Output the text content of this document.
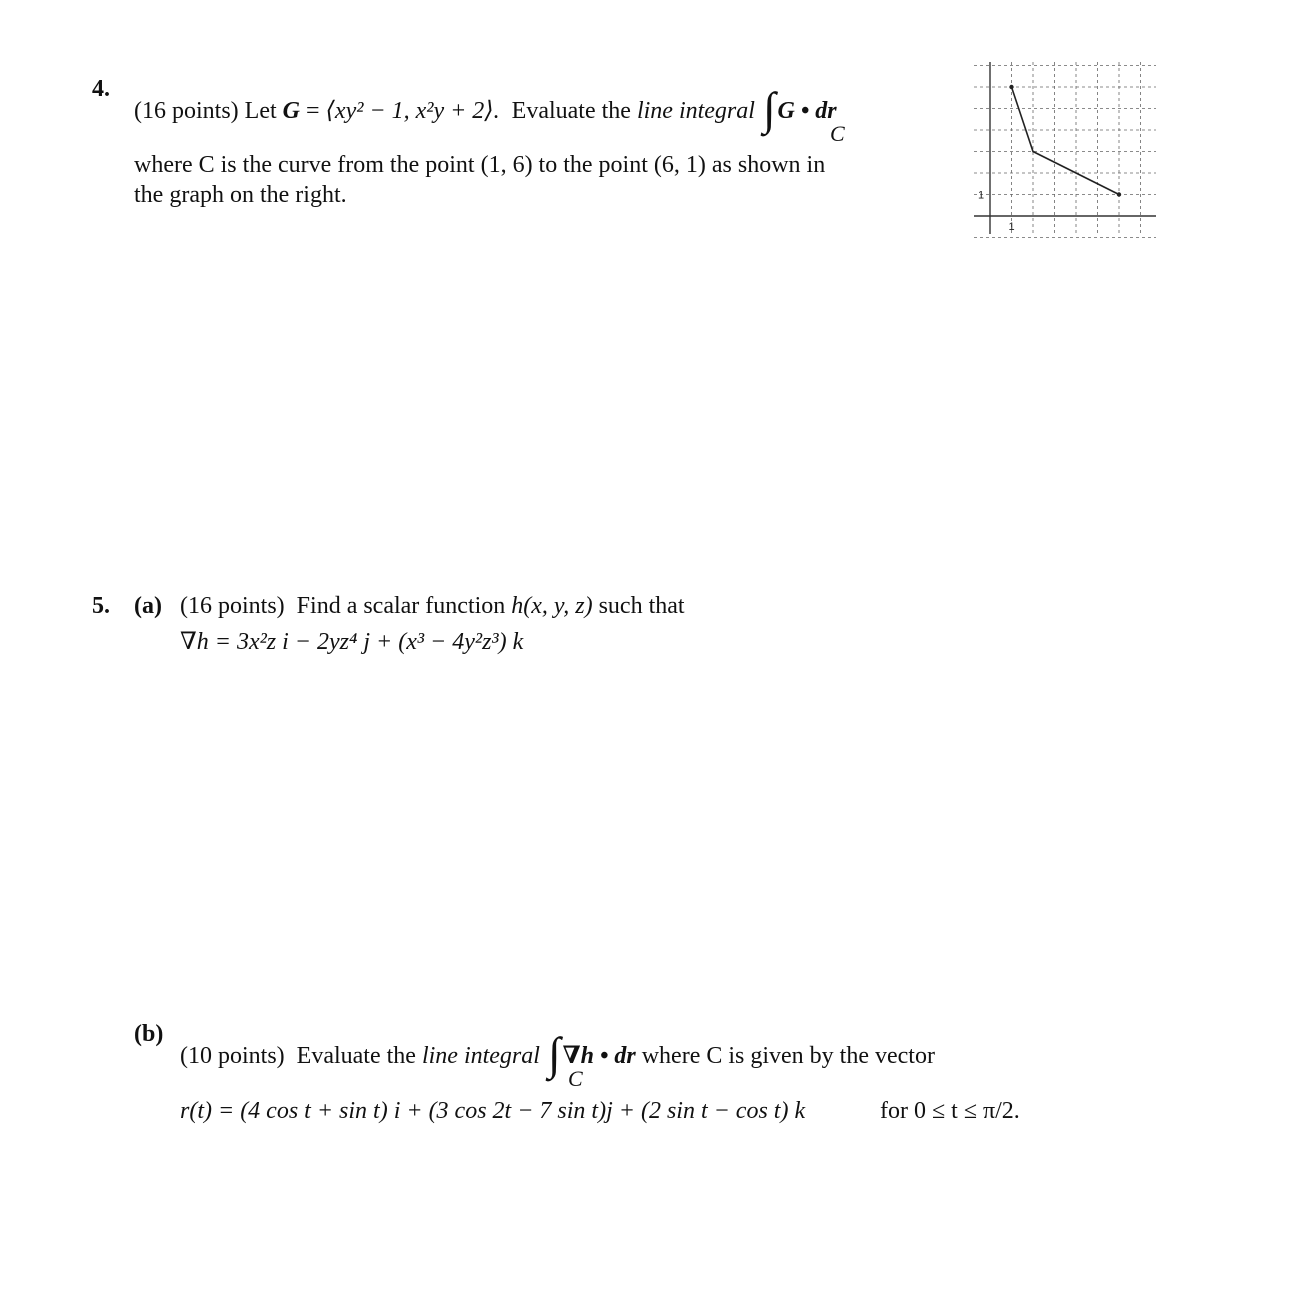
4.
(16 points) Let G = ⟨xy² − 1, x²y + 2⟩. Evaluate the line integral ∫G • dr
C
where C is the curve from the point (1, 6) to the point (6, 1) as shown in
the graph on the right.
1
1
5. (a) (16 points) Find a scalar function h(x, y, z) such that
∇h = 3x²z i − 2yz⁴ j + (x³ − 4y²z³) k
(b)
(10 points) Evaluate the line integral ∫∇h • dr where C is given by the vector
C
r(t) = (4 cos t + sin t) i + (3 cos 2t − 7 sin t)j + (2 sin t − cos t) k	for 0 ≤ t ≤ π/2.
